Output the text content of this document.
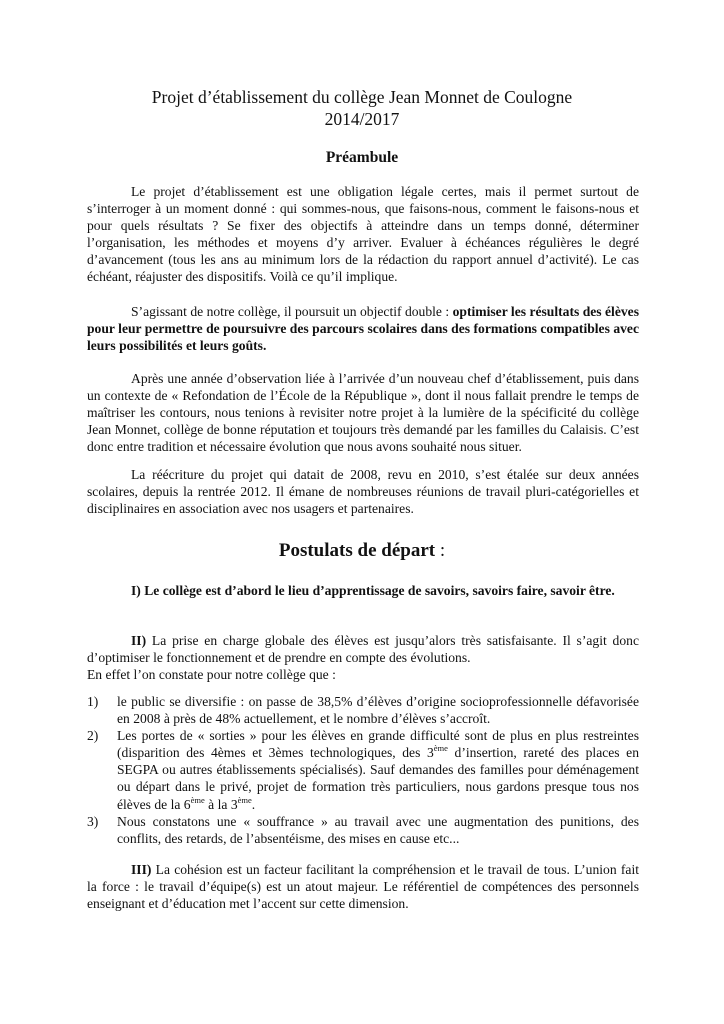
Projet d’établissement du collège Jean Monnet de Coulogne
2014/2017
Préambule

Le projet d’établissement est une obligation légale certes, mais il permet surtout de s’interroger à un moment donné : qui sommes-nous, que faisons-nous, comment le faisons-nous et pour quels résultats ? Se fixer des objectifs à atteindre dans un temps donné, déterminer l’organisation, les méthodes et moyens d’y arriver. Evaluer à échéances régulières le degré d’avancement (tous les ans au minimum lors de la rédaction du rapport annuel d’activité). Le cas échéant, réajuster des dispositifs. Voilà ce qu’il implique.

S’agissant de notre collège, il poursuit un objectif double : optimiser les résultats des élèves pour leur permettre de poursuivre des parcours scolaires dans des formations compatibles avec leurs possibilités et leurs goûts.

Après une année d’observation liée à l’arrivée d’un nouveau chef d’établissement, puis dans un contexte de « Refondation de l’École de la République », dont il nous fallait prendre le temps de maîtriser les contours, nous tenions à revisiter notre projet à la lumière de la spécificité du collège Jean Monnet, collège de bonne réputation et toujours très demandé par les familles du Calaisis. C’est donc entre tradition et nécessaire évolution que nous avons souhaité nous situer.

La réécriture du projet qui datait de 2008, revu en 2010, s’est étalée sur deux années scolaires, depuis la rentrée 2012. Il émane de nombreuses réunions de travail pluri-catégorielles et disciplinaires en association avec nos usagers et partenaires.

Postulats de départ :

I) Le collège est d’abord le lieu d’apprentissage de savoirs, savoirs faire, savoir être.

II) La prise en charge globale des élèves est jusqu’alors très satisfaisante. Il s’agit donc d’optimiser le fonctionnement et de prendre en compte des évolutions.

En effet l’on constate pour notre collège que :

1)	le public se diversifie : on passe de 38,5% d’élèves d’origine socioprofessionnelle défavorisée en 2008 à près de 48% actuellement, et le nombre d’élèves s’accroît.
2)	Les portes de « sorties » pour les élèves en grande difficulté sont de plus en plus restreintes (disparition des 4èmes et 3èmes technologiques, des 3ème d’insertion, rareté des places en SEGPA ou autres établissements spécialisés). Sauf demandes des familles pour déménagement ou départ dans le privé, projet de formation très particuliers, nous gardons presque tous nos élèves de la 6ème à la 3ème.
3)	Nous constatons une « souffrance » au travail avec une augmentation des punitions, des conflits, des retards, de l’absentéisme, des mises en cause etc...

III) La cohésion est un facteur facilitant la compréhension et le travail de tous. L’union fait la force : le travail d’équipe(s) est un atout majeur. Le référentiel de compétences des personnels enseignant et d’éducation met l’accent sur cette dimension.
